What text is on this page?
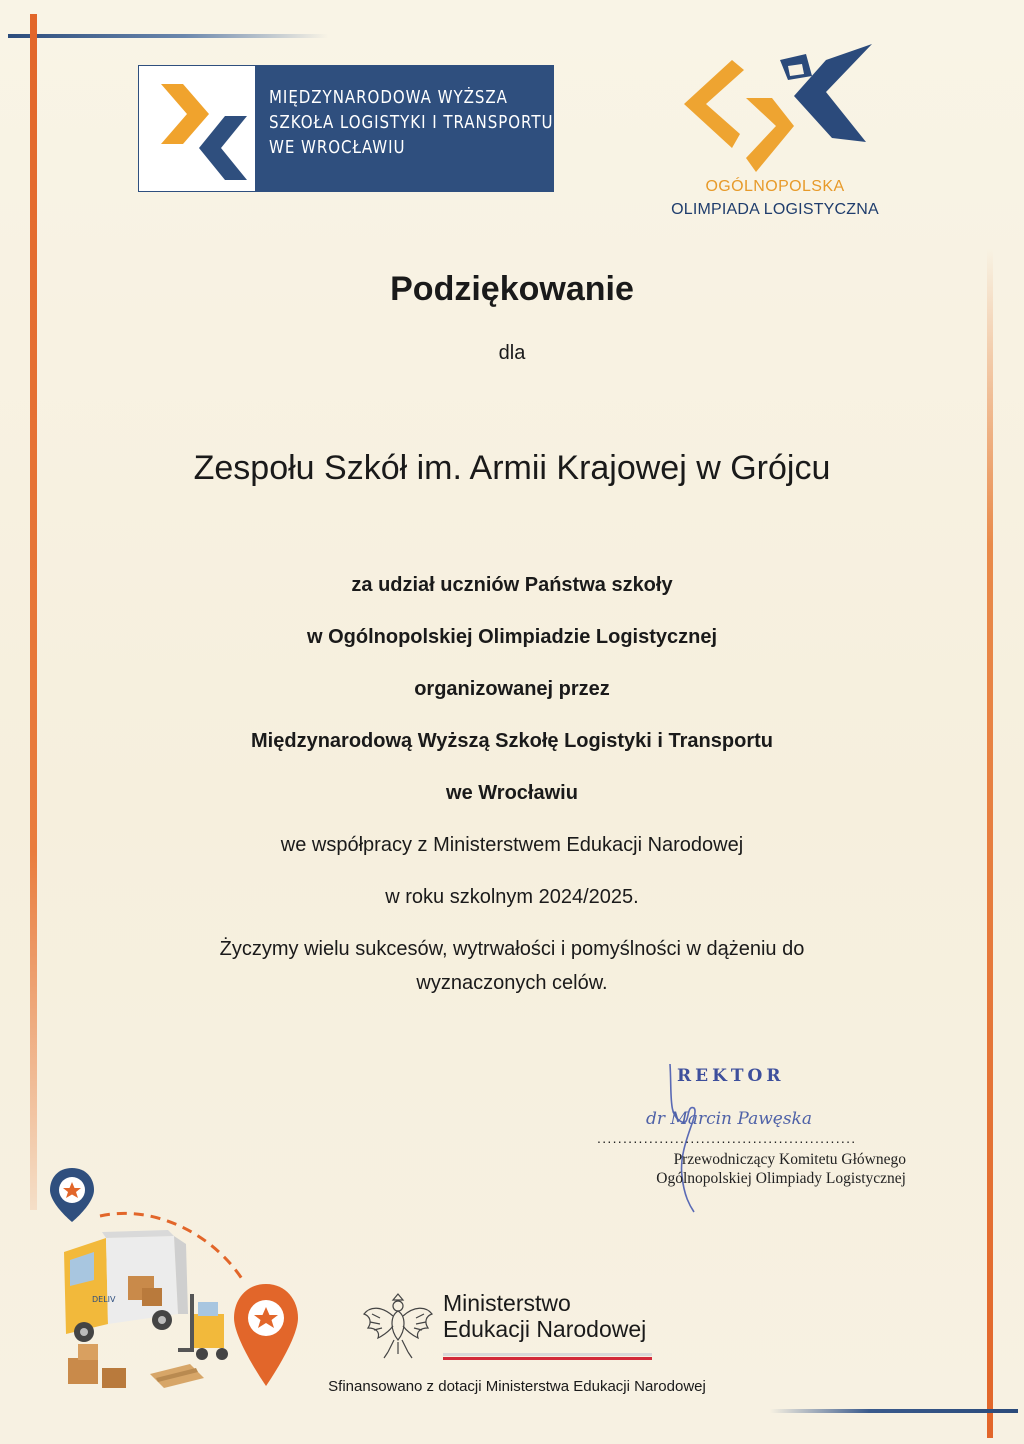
MIĘDZYNARODOWA WYŻSZA
SZKOŁA LOGISTYKI I TRANSPORTU
WE WROCŁAWIU
OGÓLNOPOLSKA
OLIMPIADA LOGISTYCZNA
Podziękowanie
dla
Zespołu Szkół im. Armii Krajowej w Grójcu
za udział uczniów Państwa szkoły
w Ogólnopolskiej Olimpiadzie Logistycznej
organizowanej przez
Międzynarodową Wyższą Szkołę Logistyki i Transportu
we Wrocławiu
we współpracy z Ministerstwem Edukacji Narodowej
w roku szkolnym 2024/2025.
Życzymy wielu sukcesów, wytrwałości i pomyślności w dążeniu do
wyznaczonych celów.
REKTOR
dr Marcin Pawęska
..................................................
Przewodniczący Komitetu Głównego
Ogólnopolskiej Olimpiady Logistycznej
DELIV	Ministerstwo
Edukacji Narodowej
Sfinansowano z dotacji Ministerstwa Edukacji Narodowej
